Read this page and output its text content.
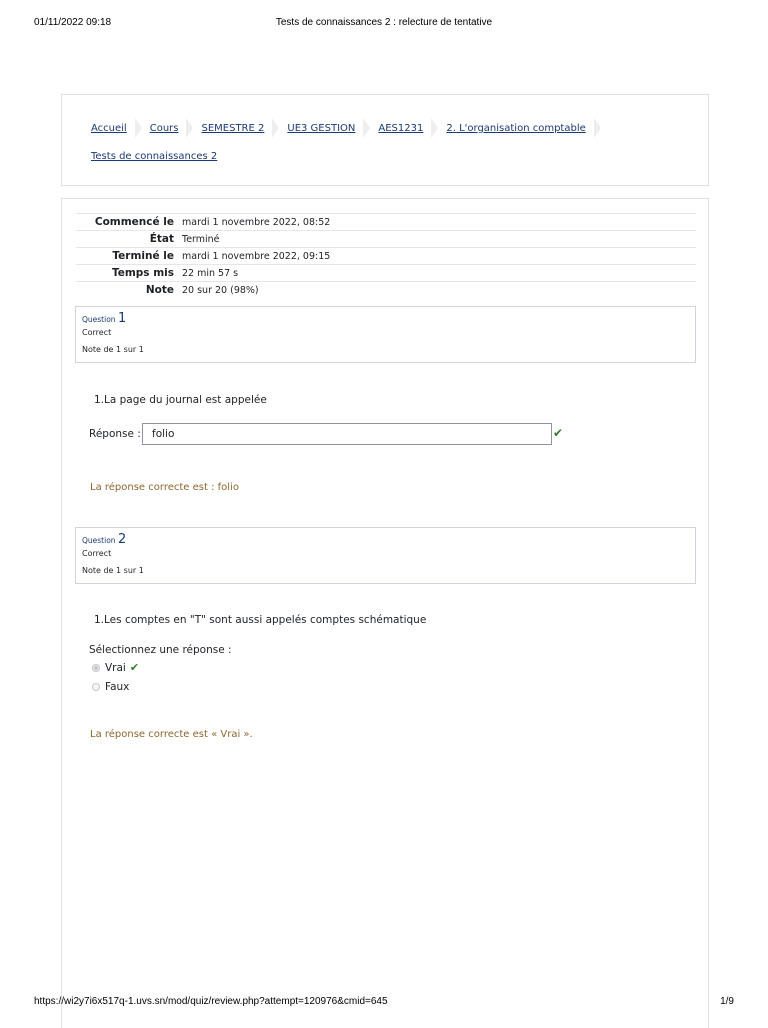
01/11/2022 09:18	Tests de connaissances 2 : relecture de tentative
Accueil Cours SEMESTRE 2 UE3 GESTION AES1231 2. L'organisation comptable
Tests de connaissances 2
Commencé le	mardi 1 novembre 2022, 08:52
État	Terminé
Terminé le	mardi 1 novembre 2022, 09:15
Temps mis	22 min 57 s
Note	20 sur 20 (98%)
Question 1
Correct
Note de 1 sur 1
1.La page du journal est appelée
Réponse :	folio	✔
La réponse correcte est : folio
Question 2
Correct
Note de 1 sur 1
1.Les comptes en "T" sont aussi appelés comptes schématique
Sélectionnez une réponse :
Vrai ✔
Faux
La réponse correcte est « Vrai ».
https://wi2y7i6x517q-1.uvs.sn/mod/quiz/review.php?attempt=120976&cmid=645	1/9
